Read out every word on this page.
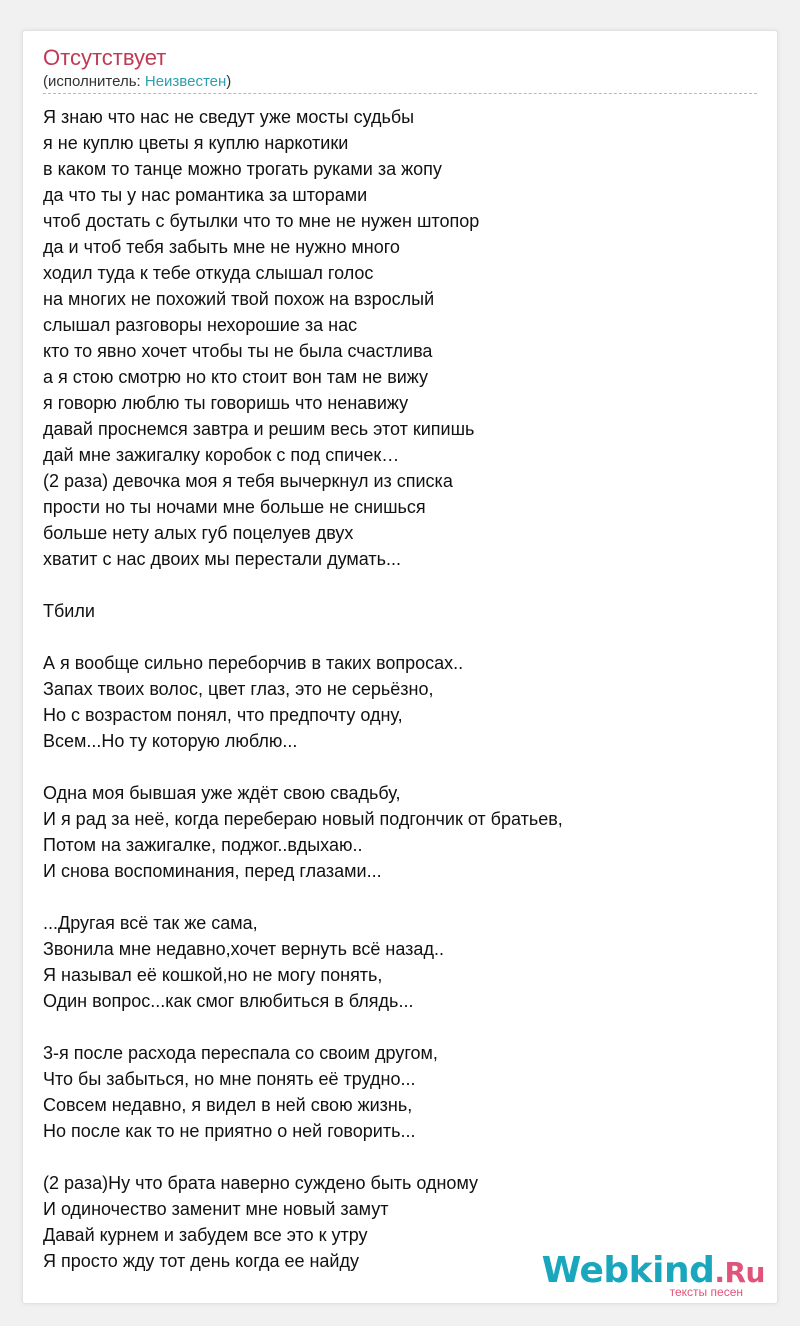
Отсутствует
(исполнитель: Неизвестен)
Я знаю что нас не сведут уже мосты судьбы
я не куплю цветы я куплю наркотики
в каком то танце можно трогать руками за жопу
да что ты у нас романтика за шторами
чтоб достать с бутылки что то мне не нужен штопор
да и чтоб тебя забыть мне не нужно много
ходил туда к тебе откуда слышал голос
на многих не похожий твой похож на взрослый
слышал разговоры нехорошие за нас
кто то явно хочет чтобы ты не была счастлива
а я стою смотрю но кто стоит вон там не вижу
я говорю люблю ты говоришь что ненавижу
давай проснемся завтра и решим весь этот кипишь
дай мне зажигалку коробок с под спичек…
(2 раза) девочка моя я тебя вычеркнул из списка
прости но ты ночами мне больше не снишься
больше нету алых губ поцелуев двух
хватит с нас двоих мы перестали думать...
Тбили
А я вообще сильно переборчив в таких вопросах..
Запах твоих волос, цвет глаз, это не серьёзно,
Но с возрастом понял, что предпочту одну,
Всем...Но ту которую люблю...
Одна моя бывшая уже ждёт свою свадьбу,
И я рад за неё, когда переберaю новый подгончик от братьев,
Потом на зажигалке, поджог..вдыхаю..
И снова воспоминания, перед глазами...
...Другая всё так же сама,
Звонила мне недавно,хочет вернуть всё назад..
Я называл её кошкой,но не могу понять,
Один вопрос...как смог влюбиться в блядь...
3-я после расхода переспала со своим другом,
Что бы забыться, но мне понять её трудно...
Совсем недавно, я видел в ней свою жизнь,
Но после как то не приятно о ней говорить...
(2 раза)Ну что брата наверно суждено быть одному
И одиночество заменит мне новый замут
Давай курнем и забудем все это к утру
Я просто жду тот день когда ее найду	Webkind.Ru
тексты песен
